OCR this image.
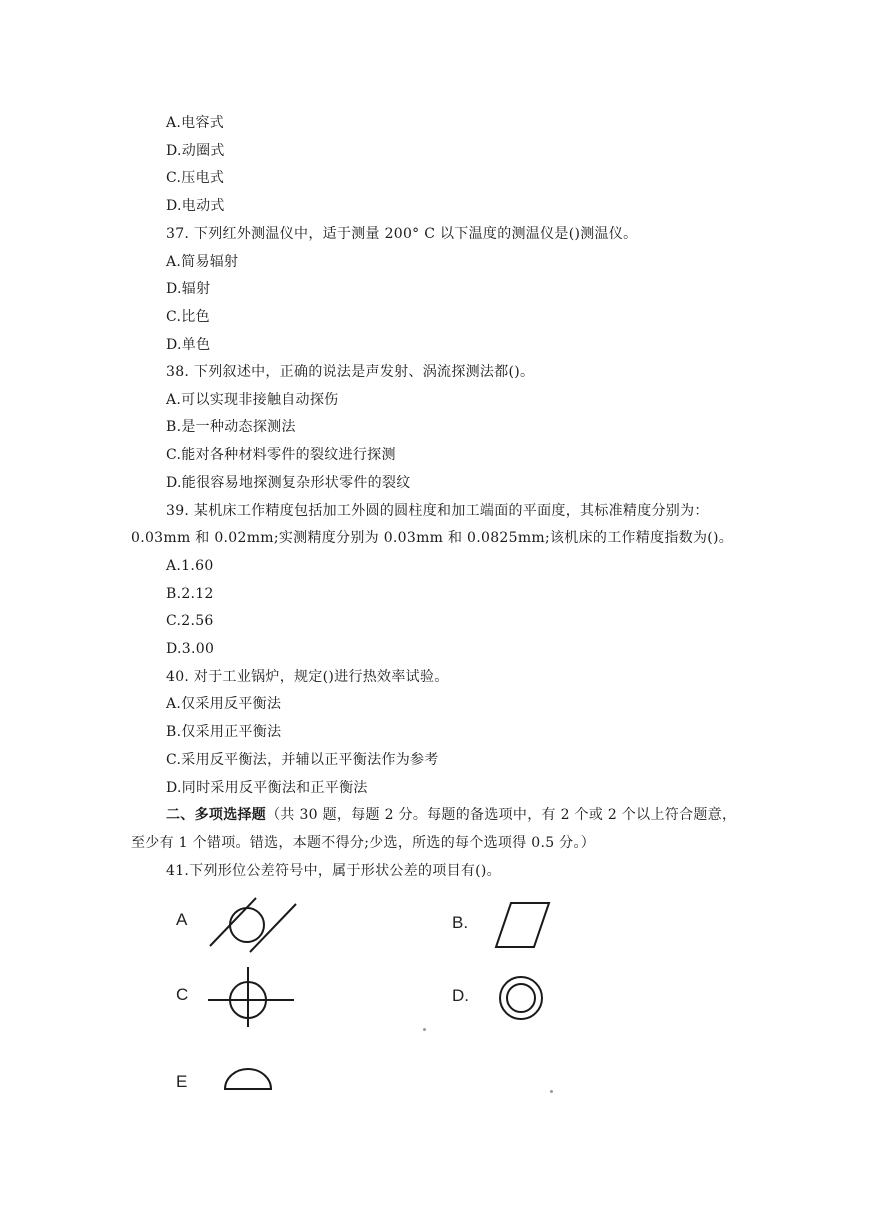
A.电容式
D.动圈式
C.压电式
D.电动式
37. 下列红外测温仪中，适于测量 200° C 以下温度的测温仪是()测温仪。
A.简易辐射
D.辐射
C.比色
D.单色
38. 下列叙述中，正确的说法是声发射、涡流探测法都()。
A.可以实现非接触自动探伤
B.是一种动态探测法
C.能对各种材料零件的裂纹进行探测
D.能很容易地探测复杂形状零件的裂纹
39. 某机床工作精度包括加工外圆的圆柱度和加工端面的平面度，其标准精度分别为：
0.03mm 和 0.02mm;实测精度分别为 0.03mm 和 0.0825mm;该机床的工作精度指数为()。
A.1.60
B.2.12
C.2.56
D.3.00
40. 对于工业锅炉，规定()进行热效率试验。
A.仅采用反平衡法
B.仅采用正平衡法
C.采用反平衡法，并辅以正平衡法作为参考
D.同时采用反平衡法和正平衡法
二、多项选择题（共 30 题，每题 2 分。每题的备选项中，有 2 个或 2 个以上符合题意，
至少有 1 个错项。错选，本题不得分;少选，所选的每个选项得 0.5 分。）
41.下列形位公差符号中，属于形状公差的项目有()。
A	B.
C	D.
E
